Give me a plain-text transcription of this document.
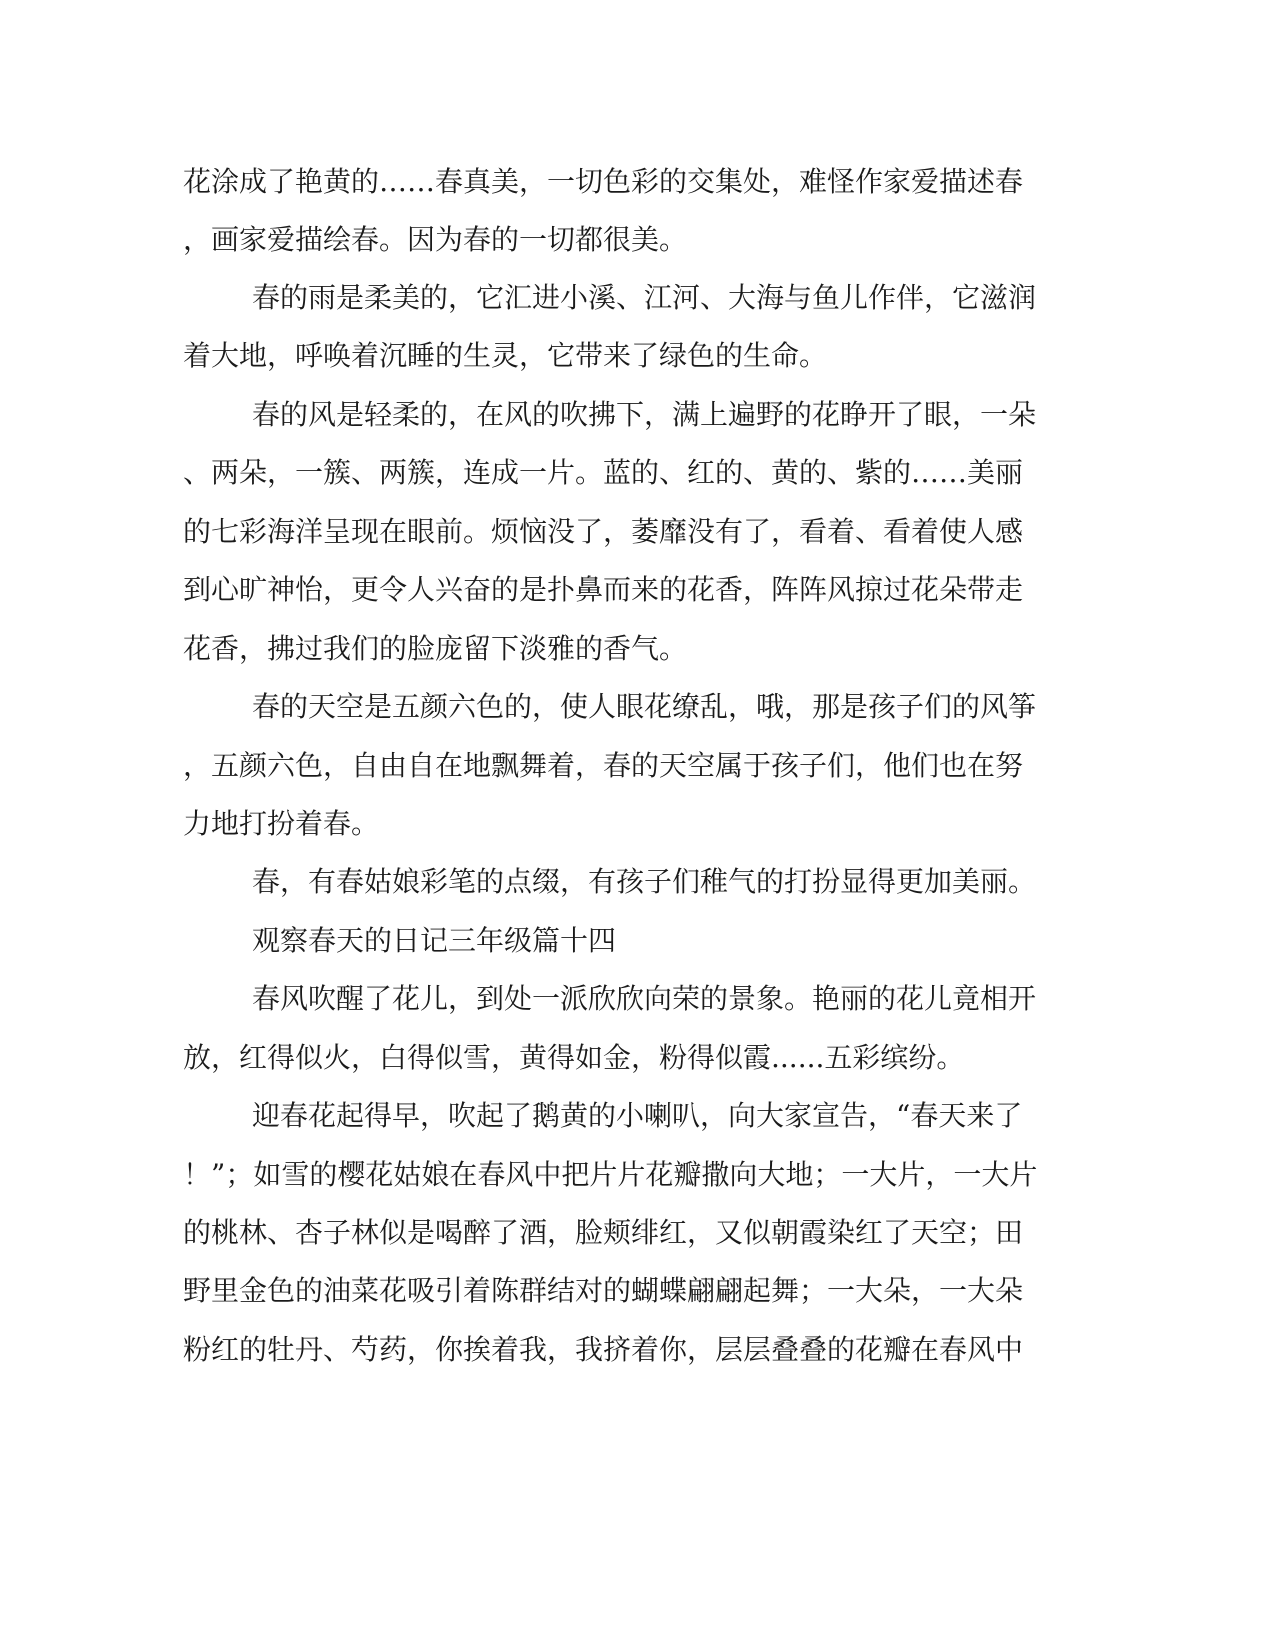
花涂成了艳黄的……春真美，一切色彩的交集处，难怪作家爱描述春

，画家爱描绘春。因为春的一切都很美。

春的雨是柔美的，它汇进小溪、江河、大海与鱼儿作伴，它滋润

着大地，呼唤着沉睡的生灵，它带来了绿色的生命。

春的风是轻柔的，在风的吹拂下，满上遍野的花睁开了眼，一朵

、两朵，一簇、两簇，连成一片。蓝的、红的、黄的、紫的……美丽

的七彩海洋呈现在眼前。烦恼没了，萎靡没有了，看着、看着使人感

到心旷神怡，更令人兴奋的是扑鼻而来的花香，阵阵风掠过花朵带走

花香，拂过我们的脸庞留下淡雅的香气。

春的天空是五颜六色的，使人眼花缭乱，哦，那是孩子们的风筝

，五颜六色，自由自在地飘舞着，春的天空属于孩子们，他们也在努

力地打扮着春。

春，有春姑娘彩笔的点缀，有孩子们稚气的打扮显得更加美丽。

观察春天的日记三年级篇十四

春风吹醒了花儿，到处一派欣欣向荣的景象。艳丽的花儿竟相开

放，红得似火，白得似雪，黄得如金，粉得似霞......五彩缤纷。

迎春花起得早，吹起了鹅黄的小喇叭，向大家宣告，“春天来了

！”；如雪的樱花姑娘在春风中把片片花瓣撒向大地；一大片，一大片

的桃林、杏子林似是喝醉了酒，脸颊绯红，又似朝霞染红了天空；田

野里金色的油菜花吸引着陈群结对的蝴蝶翩翩起舞；一大朵，一大朵

粉红的牡丹、芍药，你挨着我，我挤着你，层层叠叠的花瓣在春风中
